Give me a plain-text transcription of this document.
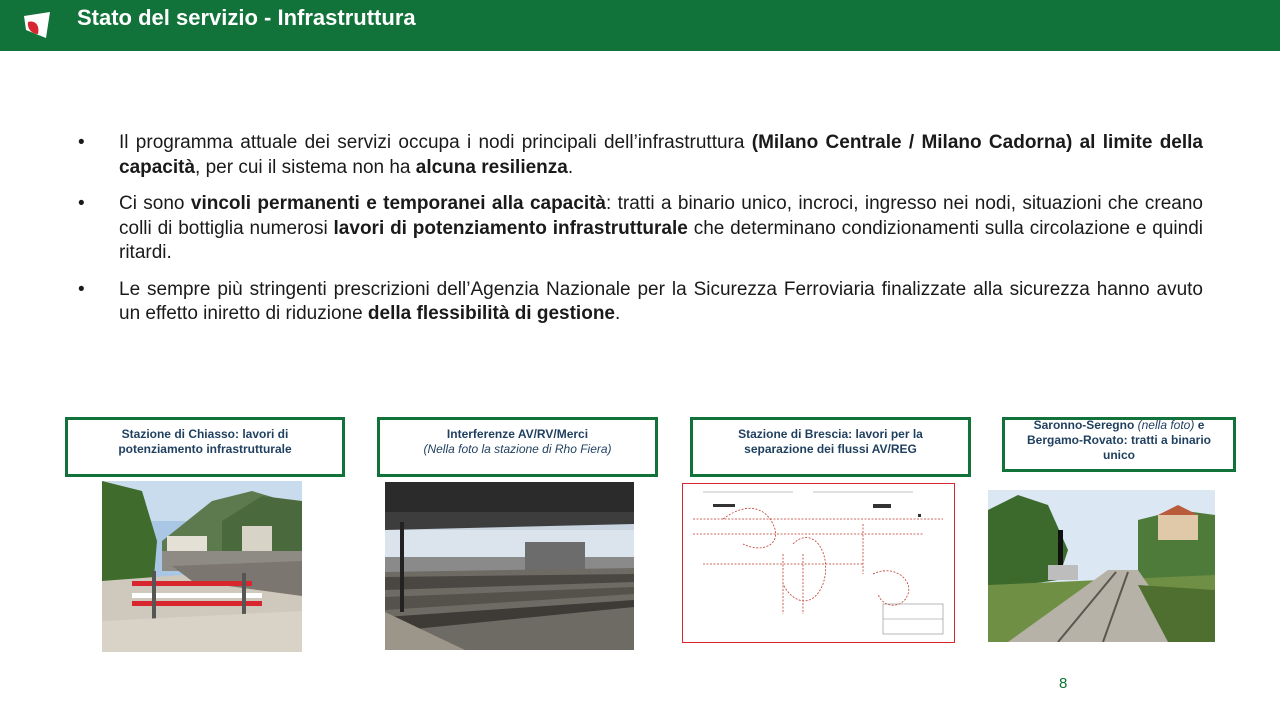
Stato del servizio - Infrastruttura
• Il programma attuale dei servizi occupa i nodi principali dell’infrastruttura (Milano Centrale / Milano Cadorna) al limite della capacità, per cui il sistema non ha alcuna resilienza.
• Ci sono vincoli permanenti e temporanei alla capacità: tratti a binario unico, incroci, ingresso nei nodi, situazioni che creano colli di bottiglia numerosi lavori di potenziamento infrastrutturale che determinano condizionamenti sulla circolazione e quindi ritardi.
• Le sempre più stringenti prescrizioni dell’Agenzia Nazionale per la Sicurezza Ferroviaria finalizzate alla sicurezza hanno avuto un effetto iniretto di riduzione della flessibilità di gestione.
Stazione di Chiasso: lavori di
potenziamento infrastrutturale
Interferenze AV/RV/Merci
(Nella foto la stazione di Rho Fiera)
Stazione di Brescia: lavori per la
separazione dei flussi AV/REG
Saronno-Seregno (nella foto) e
Bergamo-Rovato: tratti a binario
unico
8
